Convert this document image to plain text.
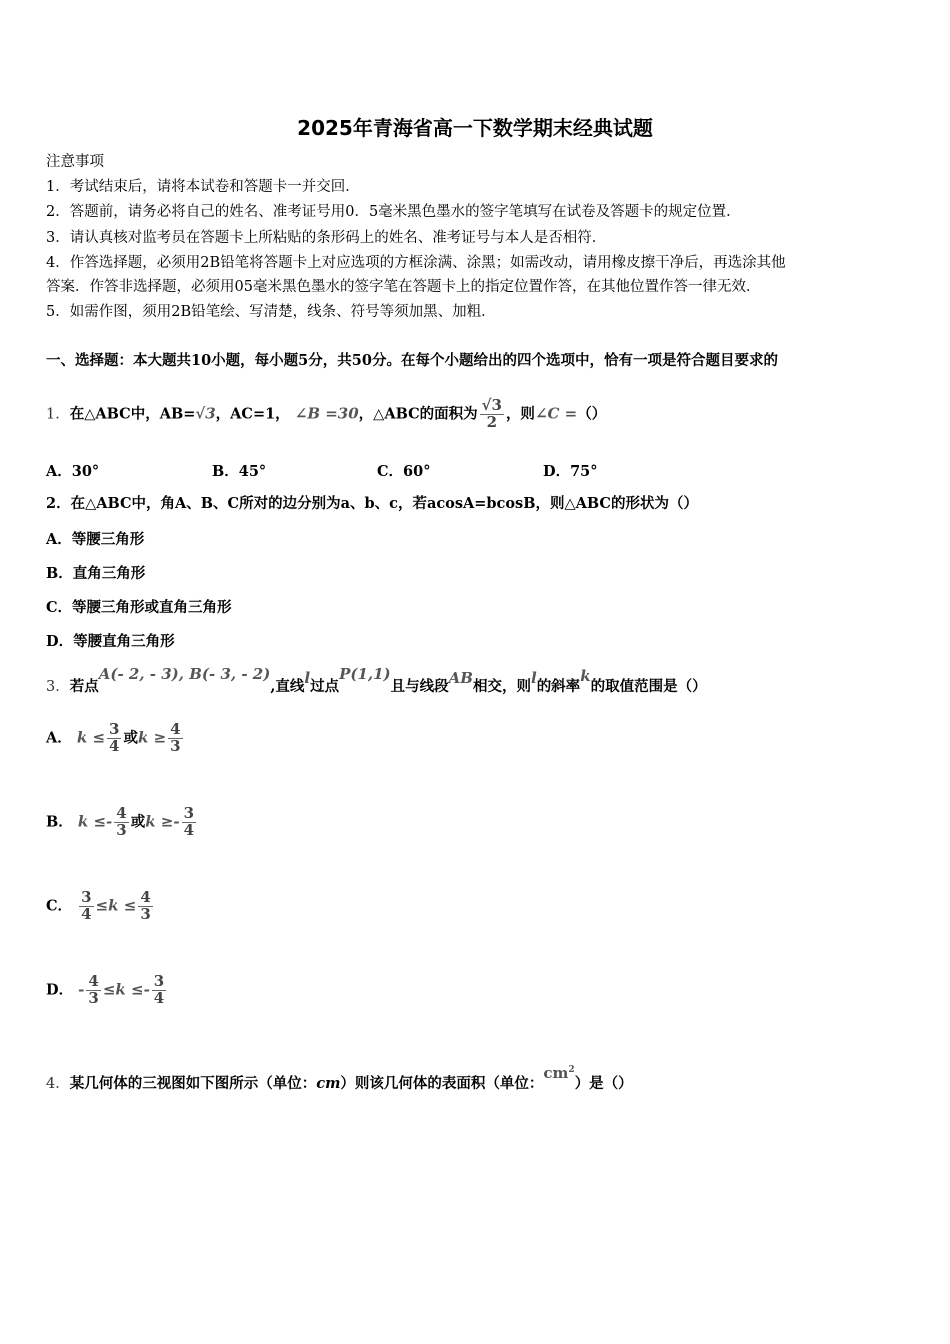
2025年青海省高一下数学期末经典试题
注意事项
1．考试结束后，请将本试卷和答题卡一并交回．
2．答题前，请务必将自己的姓名、准考证号用0．5毫米黑色墨水的签字笔填写在试卷及答题卡的规定位置．
3．请认真核对监考员在答题卡上所粘贴的条形码上的姓名、准考证号与本人是否相符．
4．作答选择题，必须用2B铅笔将答题卡上对应选项的方框涂满、涂黑；如需改动，请用橡皮擦干净后，再选涂其他
答案．作答非选择题，必须用05毫米黑色墨水的签字笔在答题卡上的指定位置作答，在其他位置作答一律无效．
5．如需作图，须用2B铅笔绘、写清楚，线条、符号等须加黑、加粗．
一、选择题：本大题共10小题，每小题5分，共50分。在每个小题给出的四个选项中，恰有一项是符合题目要求的
1．在△ABC中，AB=√3，AC=1， ∠B =30，△ABC的面积为 $\frac{√3}{2}$ ，则∠C =（）
A．30°	B．45°	C．60°	D．75°
2．在△ABC中，角A、B、C所对的边分别为a、b、c，若acosA=bcosB，则△ABC的形状为（）
A．等腰三角形
B．直角三角形
C．等腰三角形或直角三角形
D．等腰直角三角形
3．若点A(- 2, - 3), B(- 3, - 2),直线l过点P(1,1)且与线段AB相交，则l的斜率k的取值范围是（）
A． $k \le \frac{3}{4}$ 或$k \ge \frac{4}{3}$
B． $k \le- \frac{4}{3}$ 或$k \ge- \frac{3}{4}$
C． $\frac{3}{4} \le k \le \frac{4}{3}$
D． - $\frac{4}{3} \le k \le- \frac{3}{4}$
4．某几何体的三视图如下图所示（单位：cm）则该几何体的表面积（单位：$cm^2$）是（）
